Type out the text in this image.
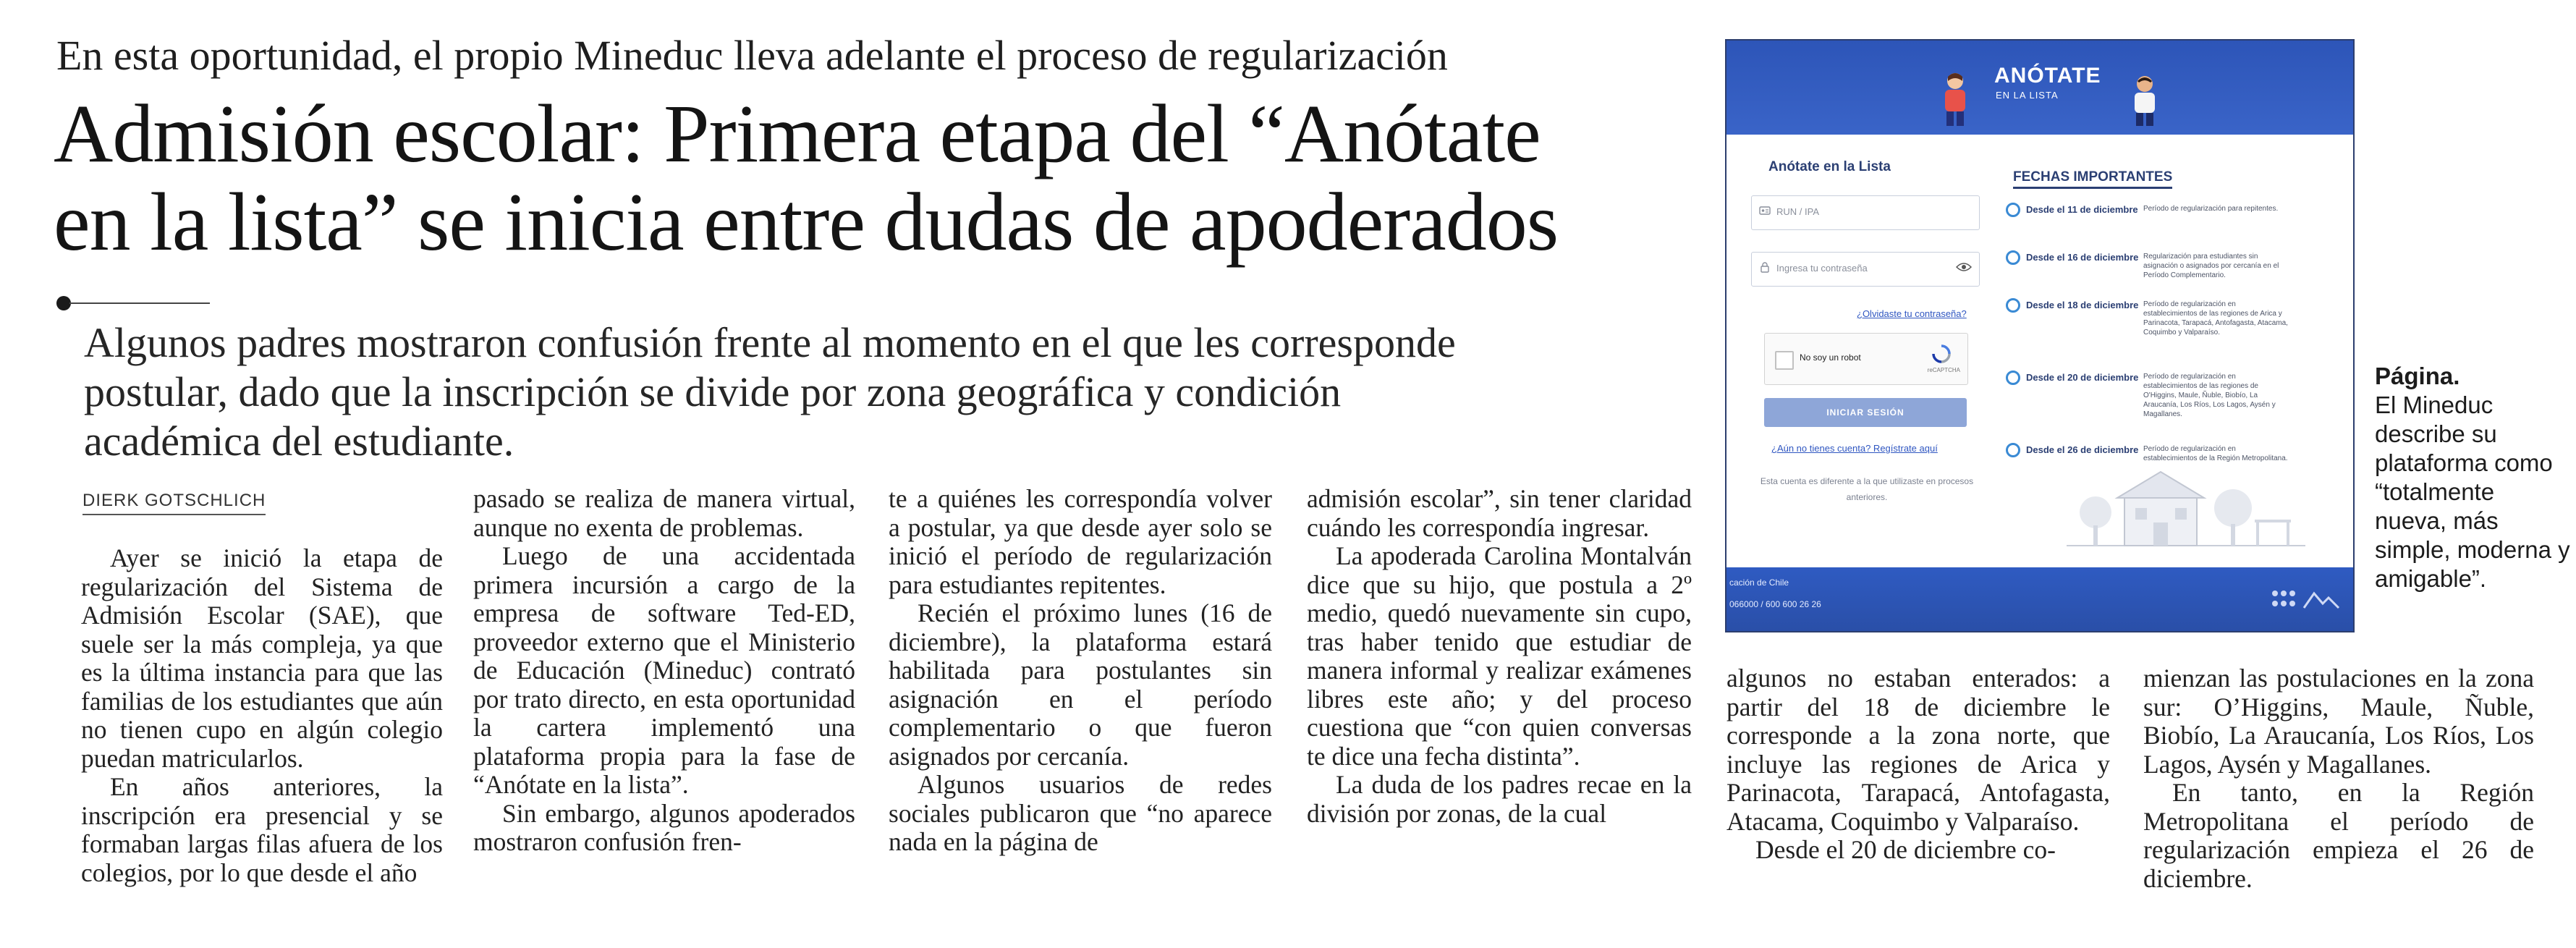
En esta oportunidad, el propio Mineduc lleva adelante el proceso de regularización
Admisión escolar: Primera etapa del “Anótate
en la lista” se inicia entre dudas de apoderados
Algunos padres mostraron confusión frente al momento en el que les corresponde
postular, dado que la inscripción se divide por zona geográfica y condición
académica del estudiante.
DIERK GOTSCHLICH

Ayer se inició la etapa de regularización del Sistema de Admisión Escolar (SAE), que suele ser la más compleja, ya que es la última instancia para que las familias de los estudiantes que aún no tienen cupo en algún colegio puedan matricularlos.

En años anteriores, la inscripción era presencial y se formaban largas filas afuera de los colegios, por lo que desde el año

pasado se realiza de manera virtual, aunque no exenta de problemas.

Luego de una accidentada primera incursión a cargo de la empresa de software Ted-ED, proveedor externo que el Ministerio de Educación (Mineduc) contrató por trato directo, en esta oportunidad la cartera implementó una plataforma propia para la fase de “Anótate en la lista”.

Sin embargo, algunos apoderados mostraron confusión fren-

te a quiénes les correspondía volver a postular, ya que desde ayer solo se inició el período de regularización para estudiantes repitentes.

Recién el próximo lunes (16 de diciembre), la plataforma estará habilitada para postulantes sin asignación en el período complementario o que fueron asignados por cercanía.

Algunos usuarios de redes sociales publicaron que “no aparece nada en la página de

admisión escolar”, sin tener claridad cuándo les correspondía ingresar.

La apoderada Carolina Montalván dice que su hijo, que postula a 2º medio, quedó nuevamente sin cupo, tras haber tenido que estudiar de manera informal y realizar exámenes libres este año; y del proceso cuestiona que “con quien conversas te dice una fecha distinta”.

La duda de los padres recae en la división por zonas, de la cual

algunos no estaban enterados: a partir del 18 de diciembre le corresponde a la zona norte, que incluye las regiones de Arica y Parinacota, Tarapacá, Antofagasta, Atacama, Coquimbo y Valparaíso.

Desde el 20 de diciembre co-

mienzan las postulaciones en la zona sur: O’Higgins, Maule, Ñuble, Biobío, La Araucanía, Los Ríos, Los Lagos, Aysén y Magallanes.

En tanto, en la Región Metropolitana el período de regularización empieza el 26 de diciembre.

ANÓTATE
EN LA LISTA
Anótate en la Lista
RUN / IPA
Ingresa tu contraseña
¿Olvidaste tu contraseña?
No soy un robot
reCAPTCHA
INICIAR SESIÓN
¿Aún no tienes cuenta? Regístrate aquí
Esta cuenta es diferente a la que utilizaste en procesos anteriores.
FECHAS IMPORTANTES
Desde el 11 de diciembre Período de regularización para repitentes.
Desde el 16 de diciembre Regularización para estudiantes sin asignación o asignados por cercanía en el Período Complementario.
Desde el 18 de diciembre Período de regularización en establecimientos de las regiones de Arica y Parinacota, Tarapacá, Antofagasta, Atacama, Coquimbo y Valparaíso.
Desde el 20 de diciembre Período de regularización en establecimientos de las regiones de O'Higgins, Maule, Ñuble, Biobío, La Araucanía, Los Ríos, Los Lagos, Aysén y Magallanes.
Desde el 26 de diciembre Período de regularización en establecimientos de la Región Metropolitana.
cación de Chile
066000 / 600 600 26 26
Página.
El Mineduc describe su plataforma como “totalmente nueva, más simple, moderna y amigable”.
